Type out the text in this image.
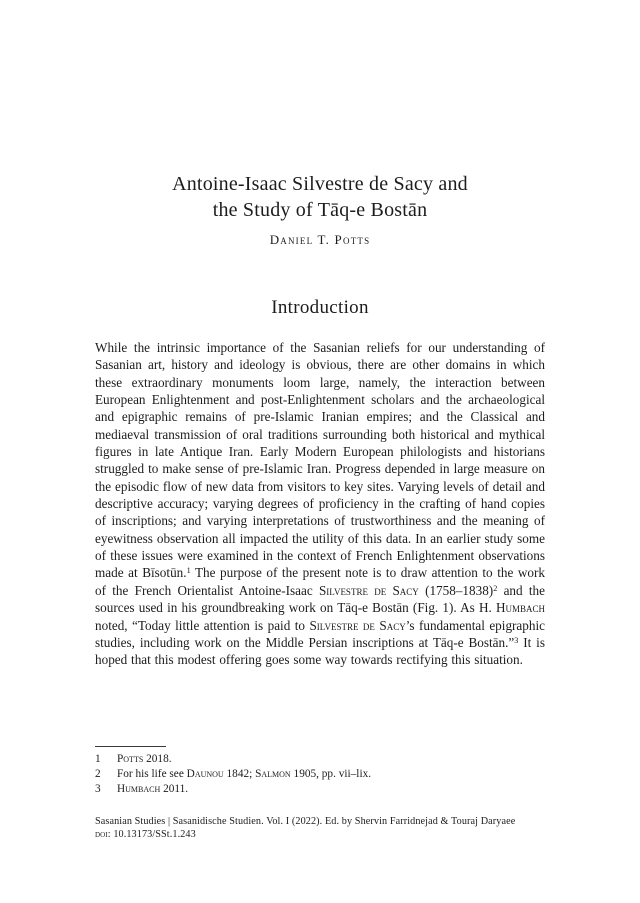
Antoine-Isaac Silvestre de Sacy and
the Study of Tāq-e Bostān
Daniel T. Potts
Introduction
While the intrinsic importance of the Sasanian reliefs for our understanding of Sasanian art, history and ideology is obvious, there are other domains in which these extraordinary monuments loom large, namely, the interaction between European Enlightenment and post-Enlightenment scholars and the archaeological and epigraphic remains of pre-Islamic Iranian empires; and the Classical and mediaeval transmission of oral traditions surrounding both historical and mythical figures in late Antique Iran. Early Modern European philologists and historians struggled to make sense of pre-Islamic Iran. Progress depended in large measure on the episodic flow of new data from visitors to key sites. Varying levels of detail and descriptive accuracy; varying degrees of proficiency in the crafting of hand copies of inscriptions; and varying interpretations of trustworthiness and the meaning of eyewitness observation all impacted the utility of this data. In an earlier study some of these issues were examined in the context of French Enlightenment observations made at Bīsotūn.$^1$ The purpose of the present note is to draw attention to the work of the French Orientalist Antoine-Isaac Silvestre de Sacy (1758–1838)$^2$ and the sources used in his groundbreaking work on Tāq-e Bostān (Fig. 1). As H. Humbach noted, “Today little attention is paid to Silvestre de Sacy’s fundamental epigraphic studies, including work on the Middle Persian inscriptions at Tāq-e Bostān.”$^3$ It is hoped that this modest offering goes some way towards rectifying this situation.
1	Potts 2018.
2	For his life see Daunou 1842; Salmon 1905, pp. vii–lix.
3	Humbach 2011.
Sasanian Studies | Sasanidische Studien. Vol. I (2022). Ed. by Shervin Farridnejad & Touraj Daryaee
doi: 10.13173/SSt.1.243
